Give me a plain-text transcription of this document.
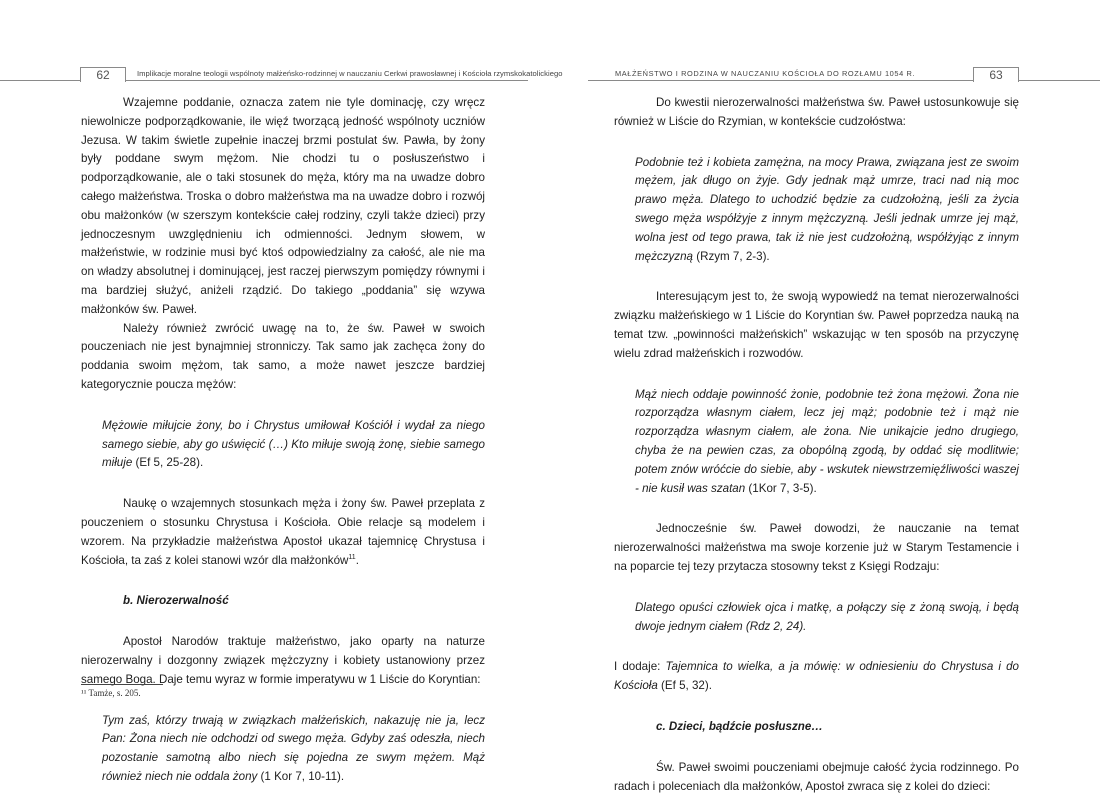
62	63
Implikacje moralne teologii wspólnoty małżeńsko-rodzinnej w nauczaniu Cerkwi prawosławnej i Kościoła rzymskokatolickiego	MAŁŻEŃSTWO I RODZINA W NAUCZANIU KOŚCIOŁA DO ROZŁAMU 1054 R.

Wzajemne poddanie, oznacza zatem nie tyle dominację, czy wręcz niewolnicze podporządkowanie, ile więź tworzącą jedność wspólnoty uczniów Jezusa. W takim świetle zupełnie inaczej brzmi postulat św. Pawła, by żony były poddane swym mężom. Nie chodzi tu o posłuszeństwo i podporządkowanie, ale o taki stosunek do męża, który ma na uwadze dobro całego małżeństwa. Troska o dobro małżeństwa ma na uwadze dobro i rozwój obu małżonków (w szerszym kontekście całej rodziny, czyli także dzieci) przy jednoczesnym uwzględnieniu ich odmienności. Jednym słowem, w małżeństwie, w rodzinie musi być ktoś odpowiedzialny za całość, ale nie ma on władzy absolutnej i dominującej, jest raczej pierwszym pomiędzy równymi i ma bardziej służyć, aniżeli rządzić. Do takiego „poddania” się wzywa małżonków św. Paweł.

Należy również zwrócić uwagę na to, że św. Paweł w swoich pouczeniach nie jest bynajmniej stronniczy. Tak samo jak zachęca żony do poddania swoim mężom, tak samo, a może nawet jeszcze bardziej kategorycznie poucza mężów:

Mężowie miłujcie żony, bo i Chrystus umiłował Kościół i wydał za niego samego siebie, aby go uświęcić (…) Kto miłuje swoją żonę, siebie samego miłuje (Ef 5, 25-28).

Naukę o wzajemnych stosunkach męża i żony św. Paweł przeplata z pouczeniem o stosunku Chrystusa i Kościoła. Obie relacje są modelem i wzorem. Na przykładzie małżeństwa Apostoł ukazał tajemnicę Chrystusa i Kościoła, ta zaś z kolei stanowi wzór dla małżonków$^{11}$.

b. Nierozerwalność

Apostoł Narodów traktuje małżeństwo, jako oparty na naturze nierozerwalny i dozgonny związek mężczyzny i kobiety ustanowiony przez samego Boga. Daje temu wyraz w formie imperatywu w 1 Liście do Koryntian:

Tym zaś, którzy trwają w związkach małżeńskich, nakazuję nie ja, lecz Pan: Żona niech nie odchodzi od swego męża. Gdyby zaś odeszła, niech pozostanie samotną albo niech się pojedna ze swym mężem. Mąż również niech nie oddala żony (1 Kor 7, 10-11).

¹¹ Tamże, s. 205.

Do kwestii nierozerwalności małżeństwa św. Paweł ustosunkowuje się również w Liście do Rzymian, w kontekście cudzołóstwa:

Podobnie też i kobieta zamężna, na mocy Prawa, związana jest ze swoim mężem, jak długo on żyje. Gdy jednak mąż umrze, traci nad nią moc prawo męża. Dlatego to uchodzić będzie za cudzołożną, jeśli za życia swego męża współżyje z innym mężczyzną. Jeśli jednak umrze jej mąż, wolna jest od tego prawa, tak iż nie jest cudzołożną, współżyjąc z innym mężczyzną (Rzym 7, 2-3).

Interesującym jest to, że swoją wypowiedź na temat nierozerwalności związku małżeńskiego w 1 Liście do Koryntian św. Paweł poprzedza nauką na temat tzw. „powinności małżeńskich” wskazując w ten sposób na przyczynę wielu zdrad małżeńskich i rozwodów.

Mąż niech oddaje powinność żonie, podobnie też żona mężowi. Żona nie rozporządza własnym ciałem, lecz jej mąż; podobnie też i mąż nie rozporządza własnym ciałem, ale żona. Nie unikajcie jedno drugiego, chyba że na pewien czas, za obopólną zgodą, by oddać się modlitwie; potem znów wróćcie do siebie, aby - wskutek niewstrzemięźliwości waszej - nie kusił was szatan (1Kor 7, 3-5).

Jednocześnie św. Paweł dowodzi, że nauczanie na temat nierozerwalności małżeństwa ma swoje korzenie już w Starym Testamencie i na poparcie tej tezy przytacza stosowny tekst z Księgi Rodzaju:

Dlatego opuści człowiek ojca i matkę, a połączy się z żoną swoją, i będą dwoje jednym ciałem (Rdz 2, 24).

I dodaje: Tajemnica to wielka, a ja mówię: w odniesieniu do Chrystusa i do Kościoła (Ef 5, 32).

c. Dzieci, bądźcie posłuszne…

Św. Paweł swoimi pouczeniami obejmuje całość życia rodzinnego. Po radach i poleceniach dla małżonków, Apostoł zwraca się z kolei do dzieci:
